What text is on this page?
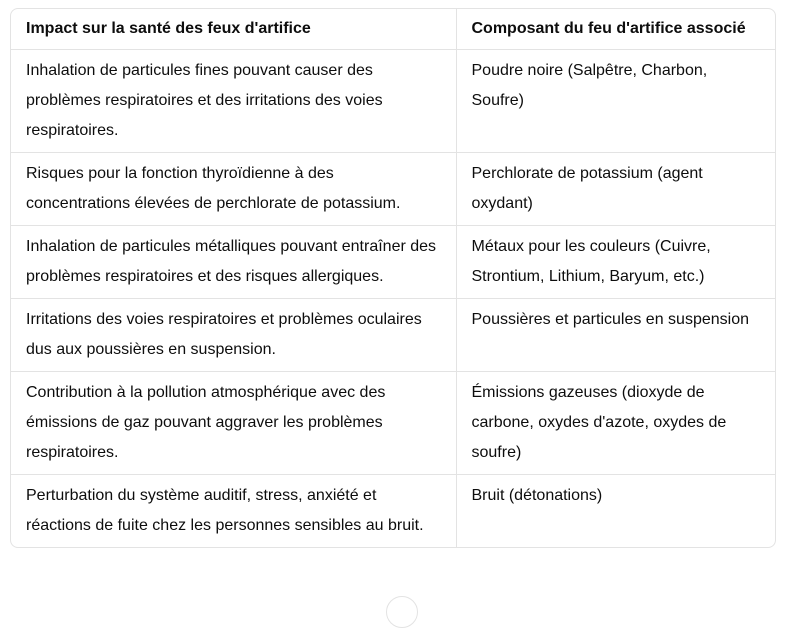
Impact sur la santé des feux d'artifice	Composant du feu d'artifice associé
Inhalation de particules fines pouvant causer des problèmes respiratoires et des irritations des voies respiratoires.	Poudre noire (Salpêtre, Charbon, Soufre)
Risques pour la fonction thyroïdienne à des concentrations élevées de perchlorate de potassium.	Perchlorate de potassium (agent oxydant)
Inhalation de particules métalliques pouvant entraîner des problèmes respiratoires et des risques allergiques.	Métaux pour les couleurs (Cuivre, Strontium, Lithium, Baryum, etc.)
Irritations des voies respiratoires et problèmes oculaires dus aux poussières en suspension.	Poussières et particules en suspension
Contribution à la pollution atmosphérique avec des émissions de gaz pouvant aggraver les problèmes respiratoires.	Émissions gazeuses (dioxyde de carbone, oxydes d'azote, oxydes de soufre)
Perturbation du système auditif, stress, anxiété et réactions de fuite chez les personnes sensibles au bruit.	Bruit (détonations)
